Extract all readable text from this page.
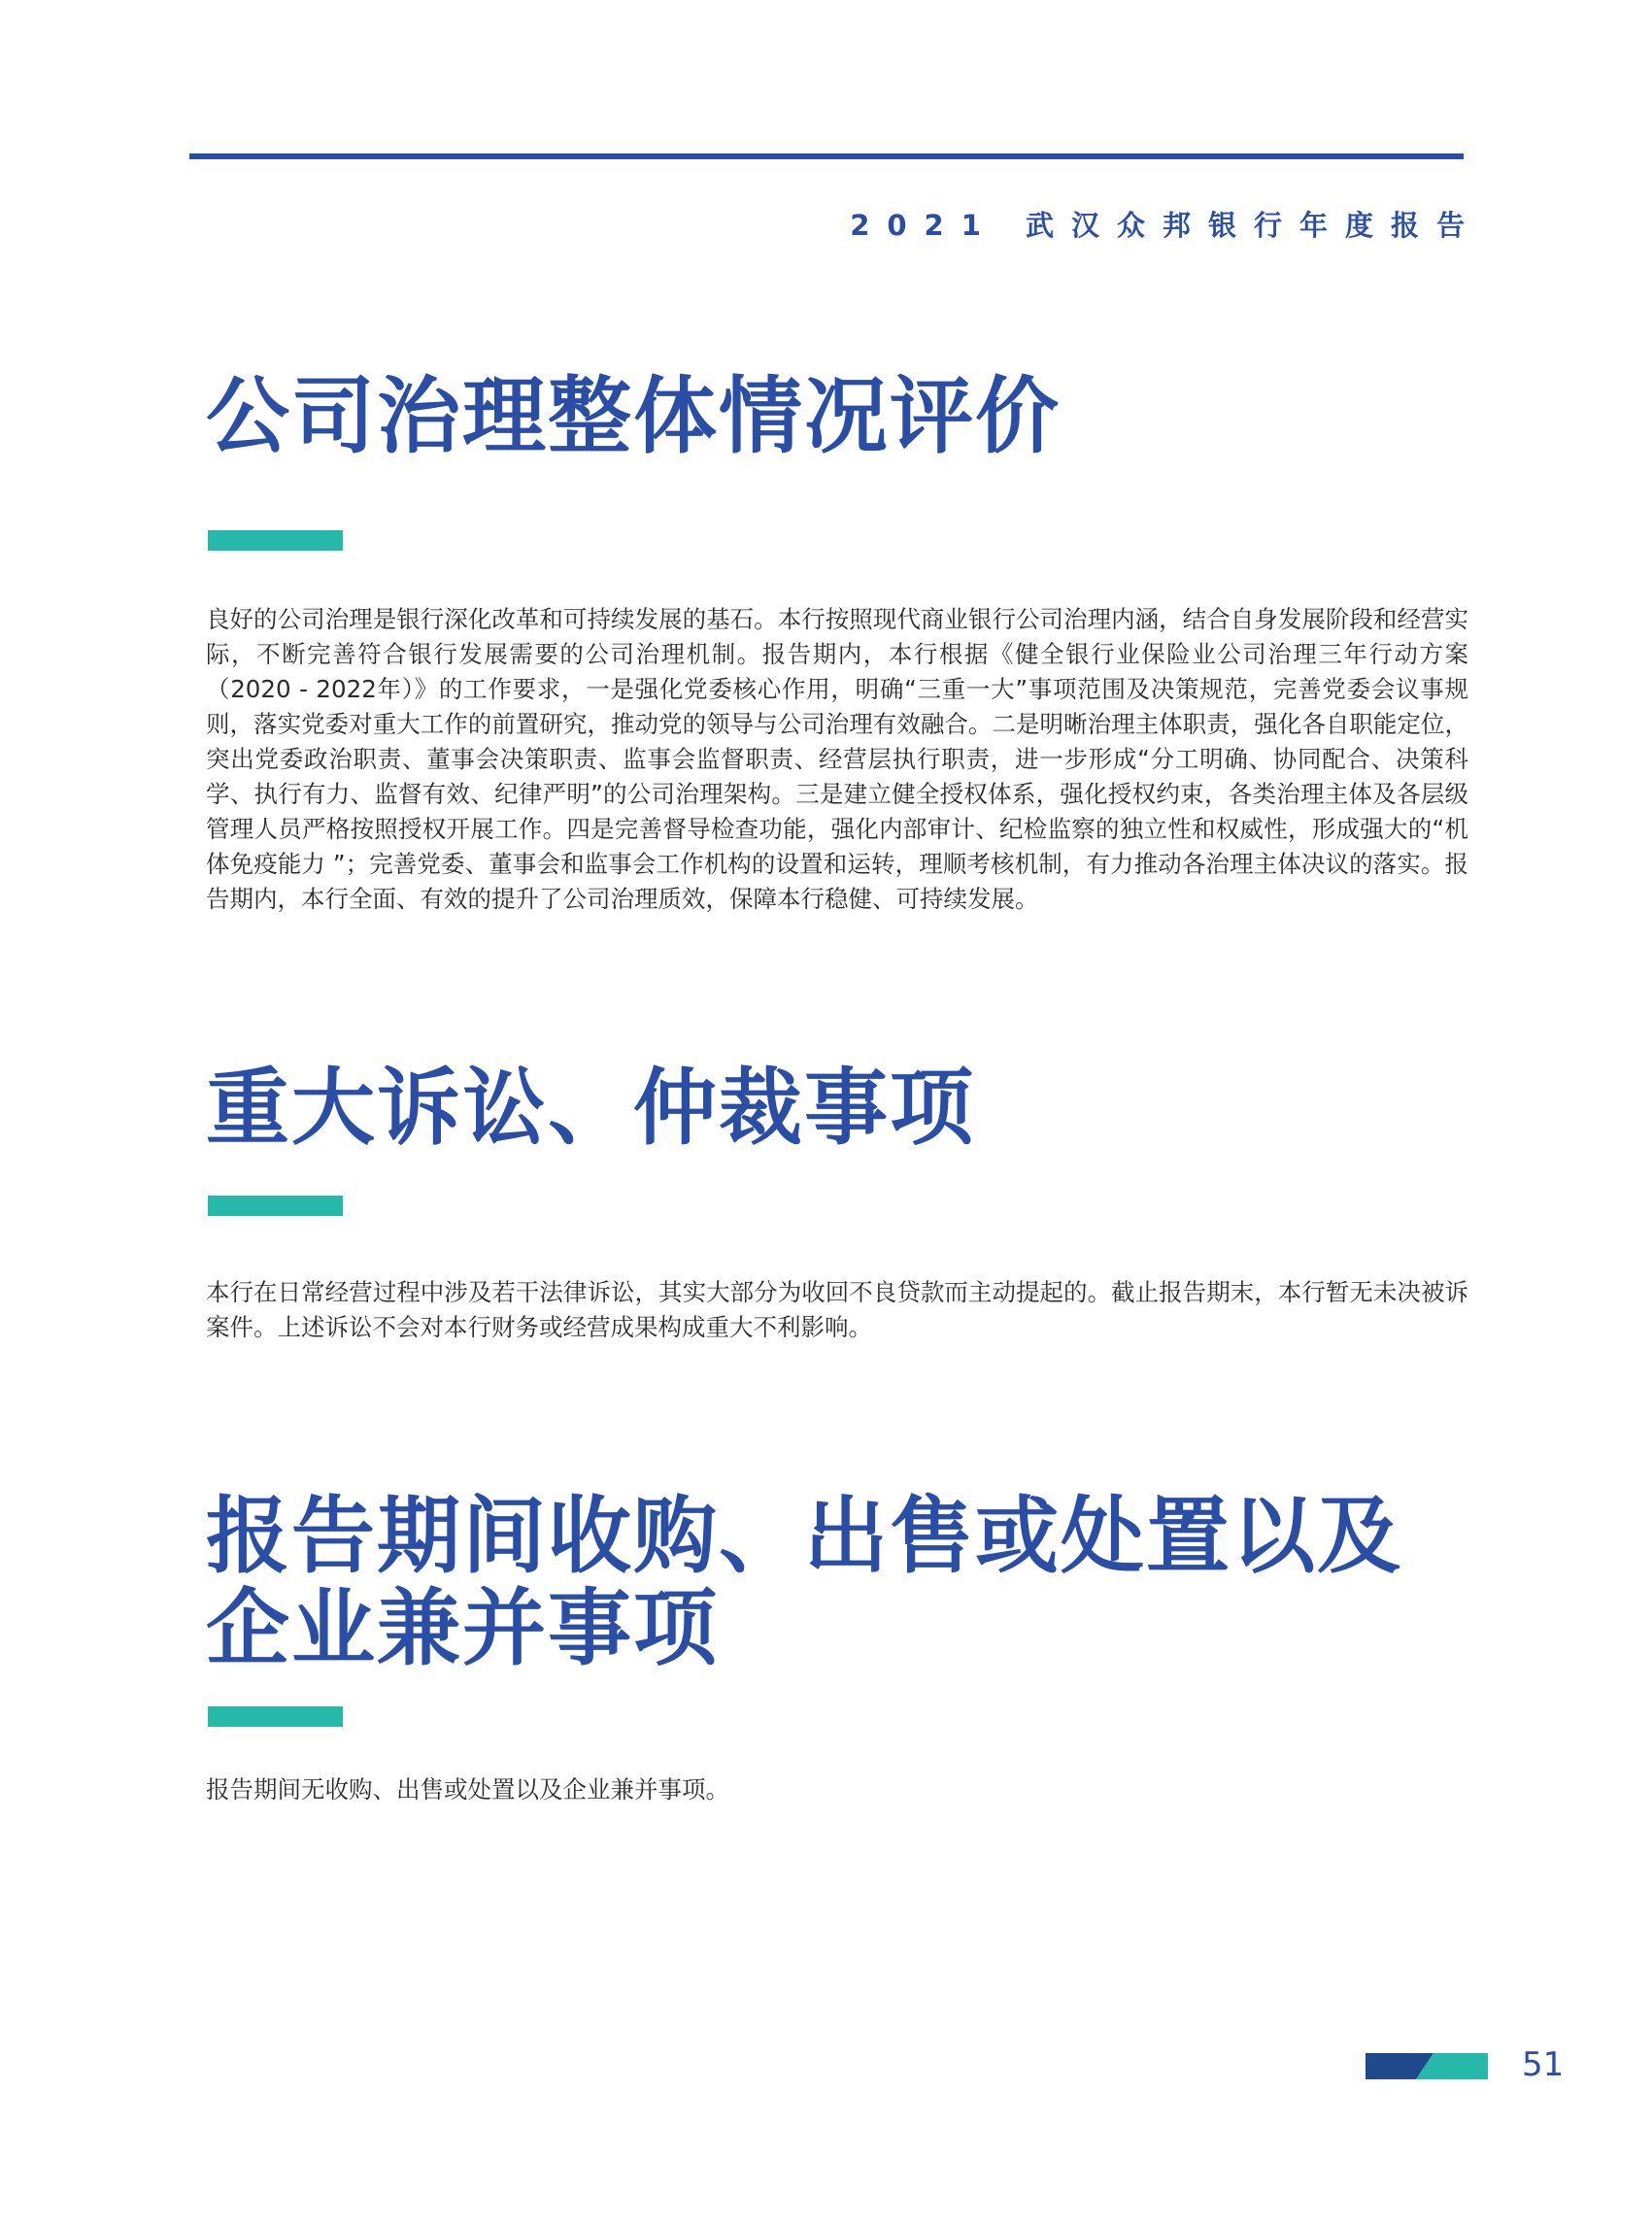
2021 武汉众邦银行年度报告
公司治理整体情况评价
良好的公司治理是银行深化改革和可持续发展的基石。本行按照现代商业银行公司治理内涵，结合自身发展阶段和经营实际，不断完善符合银行发展需要的公司治理机制。报告期内，本行根据《健全银行业保险业公司治理三年行动方案（2020 - 2022年）》的工作要求，一是强化党委核心作用，明确“三重一大”事项范围及决策规范，完善党委会议事规则，落实党委对重大工作的前置研究，推动党的领导与公司治理有效融合。二是明晰治理主体职责，强化各自职能定位，突出党委政治职责、董事会决策职责、监事会监督职责、经营层执行职责，进一步形成“分工明确、协同配合、决策科学、执行有力、监督有效、纪律严明”的公司治理架构。三是建立健全授权体系，强化授权约束，各类治理主体及各层级管理人员严格按照授权开展工作。四是完善督导检查功能，强化内部审计、纪检监察的独立性和权威性，形成强大的“机体免疫能力 ”；完善党委、董事会和监事会工作机构的设置和运转，理顺考核机制，有力推动各治理主体决议的落实。报告期内，本行全面、有效的提升了公司治理质效，保障本行稳健、可持续发展。
重大诉讼、仲裁事项
本行在日常经营过程中涉及若干法律诉讼，其实大部分为收回不良贷款而主动提起的。截止报告期末，本行暂无未决被诉案件。上述诉讼不会对本行财务或经营成果构成重大不利影响。
报告期间收购、出售或处置以及企业兼并事项
报告期间无收购、出售或处置以及企业兼并事项。
51
